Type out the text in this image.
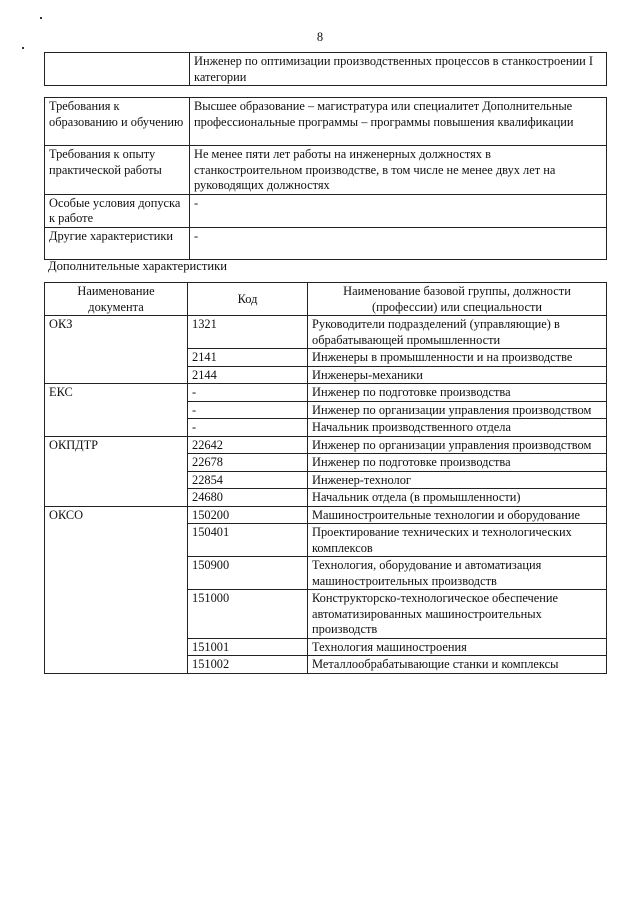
8
	Инженер по оптимизации производственных процессов в станкостроении I категории
Требования к образованию и обучению	Высшее образование – магистратура или специалитет Дополнительные профессиональные программы – программы повышения квалификации
Требования к опыту практической работы	Не менее пяти лет работы на инженерных должностях в станкостроительном производстве, в том числе не менее двух лет на руководящих должностях
Особые условия допуска к работе	-
Другие характеристики	-
Дополнительные характеристики
Наименование документа	Код	Наименование базовой группы, должности (профессии) или специальности
ОКЗ	1321	Руководители подразделений (управляющие) в обрабатывающей промышленности
	2141	Инженеры в промышленности и на производстве
	2144	Инженеры-механики
ЕКС	-	Инженер по подготовке производства
	-	Инженер по организации управления производством
	-	Начальник производственного отдела
ОКПДТР	22642	Инженер по организации управления производством
	22678	Инженер по подготовке производства
	22854	Инженер-технолог
	24680	Начальник отдела (в промышленности)
ОКСО	150200	Машиностроительные технологии и оборудование
	150401	Проектирование технических и технологических комплексов
	150900	Технология, оборудование и автоматизация машиностроительных производств
	151000	Конструкторско-технологическое обеспечение автоматизированных машиностроительных производств
	151001	Технология машиностроения
	151002	Металлообрабатывающие станки и комплексы
